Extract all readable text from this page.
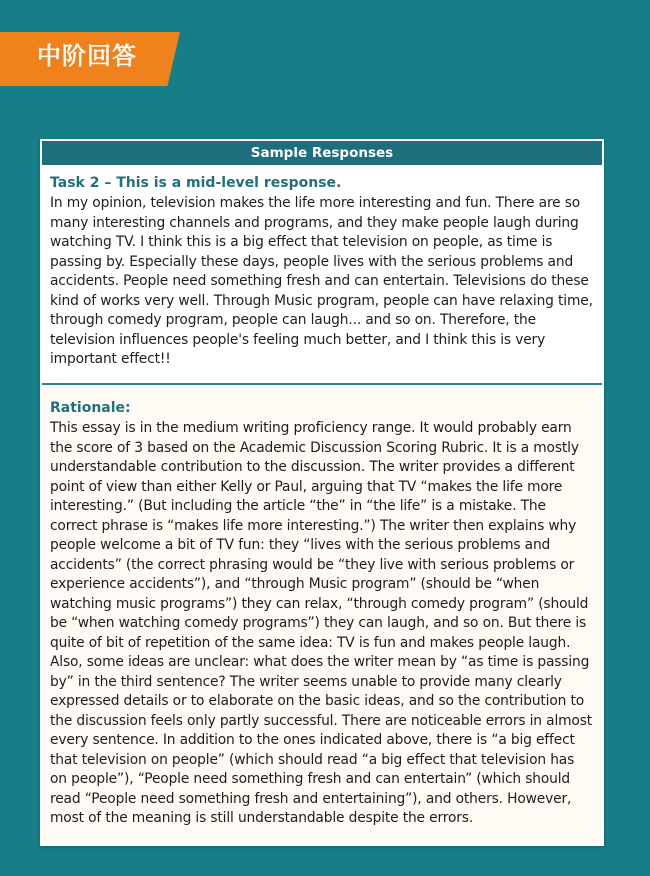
中阶回答
Sample Responses
Task 2 – This is a mid-level response.

In my opinion, television makes the life more interesting and fun. There are so many interesting channels and programs, and they make people laugh during watching TV. I think this is a big effect that television on people, as time is passing by. Especially these days, people lives with the serious problems and accidents. People need something fresh and can entertain. Televisions do these kind of works very well. Through Music program, people can have relaxing time, through comedy program, people can laugh... and so on. Therefore, the television influences people's feeling much better, and I think this is very important effect!!

Rationale:

This essay is in the medium writing proficiency range. It would probably earn the score of 3 based on the Academic Discussion Scoring Rubric. It is a mostly understandable contribution to the discussion. The writer provides a different point of view than either Kelly or Paul, arguing that TV “makes the life more interesting.” (But including the article “the” in “the life” is a mistake. The correct phrase is “makes life more interesting.”) The writer then explains why people welcome a bit of TV fun: they “lives with the serious problems and accidents” (the correct phrasing would be “they live with serious problems or experience accidents”), and “through Music program” (should be “when watching music programs”) they can relax, “through comedy program” (should be “when watching comedy programs”) they can laugh, and so on. But there is quite of bit of repetition of the same idea: TV is fun and makes people laugh. Also, some ideas are unclear: what does the writer mean by “as time is passing by” in the third sentence? The writer seems unable to provide many clearly expressed details or to elaborate on the basic ideas, and so the contribution to the discussion feels only partly successful. There are noticeable errors in almost every sentence. In addition to the ones indicated above, there is “a big effect that television on people” (which should read “a big effect that television has on people”), “People need something fresh and can entertain” (which should read “People need something fresh and entertaining”), and others. However, most of the meaning is still understandable despite the errors.
